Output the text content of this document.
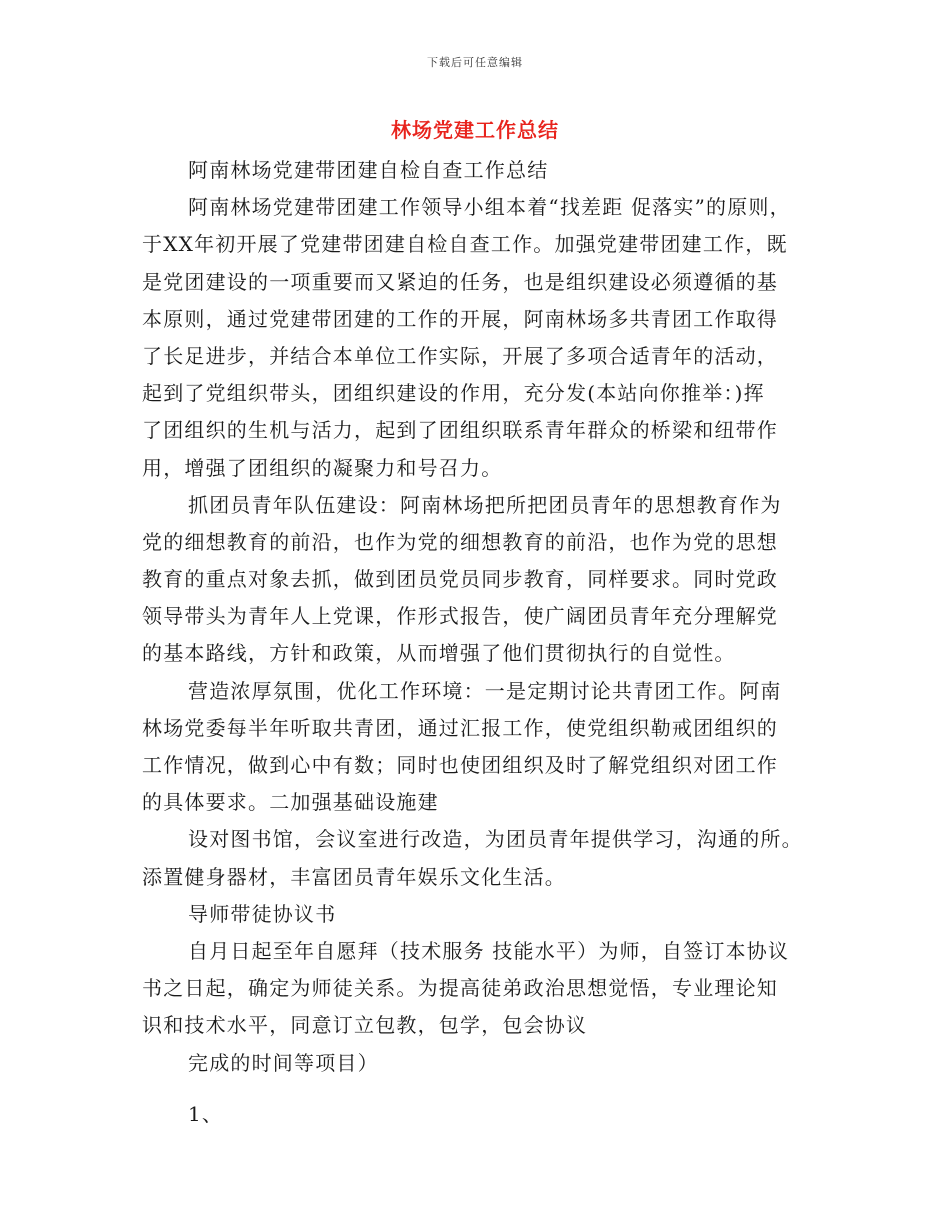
下载后可任意编辑
林场党建工作总结
阿南林场党建带团建自检自查工作总结
阿南林场党建带团建工作领导小组本着“找差距 促落实”的原则，
于XX年初开展了党建带团建自检自查工作。加强党建带团建工作，既
是党团建设的一项重要而又紧迫的任务，也是组织建设必须遵循的基
本原则，通过党建带团建的工作的开展，阿南林场多共青团工作取得
了长足进步，并结合本单位工作实际，开展了多项合适青年的活动，
起到了党组织带头，团组织建设的作用，充分发(本站向你推举：)挥
了团组织的生机与活力，起到了团组织联系青年群众的桥梁和纽带作
用，增强了团组织的凝聚力和号召力。
抓团员青年队伍建设：阿南林场把所把团员青年的思想教育作为
党的细想教育的前沿，也作为党的细想教育的前沿，也作为党的思想
教育的重点对象去抓，做到团员党员同步教育，同样要求。同时党政
领导带头为青年人上党课，作形式报告，使广阔团员青年充分理解党
的基本路线，方针和政策，从而增强了他们贯彻执行的自觉性。
营造浓厚氛围，优化工作环境：一是定期讨论共青团工作。阿南
林场党委每半年听取共青团，通过汇报工作，使党组织勒戒团组织的
工作情况，做到心中有数；同时也使团组织及时了解党组织对团工作
的具体要求。二加强基础设施建
设对图书馆，会议室进行改造，为团员青年提供学习，沟通的所。
添置健身器材，丰富团员青年娱乐文化生活。
导师带徒协议书
自月日起至年自愿拜（技术服务 技能水平）为师，自签订本协议
书之日起，确定为师徒关系。为提高徒弟政治思想觉悟，专业理论知
识和技术水平，同意订立包教，包学，包会协议
完成的时间等项目）
1、
